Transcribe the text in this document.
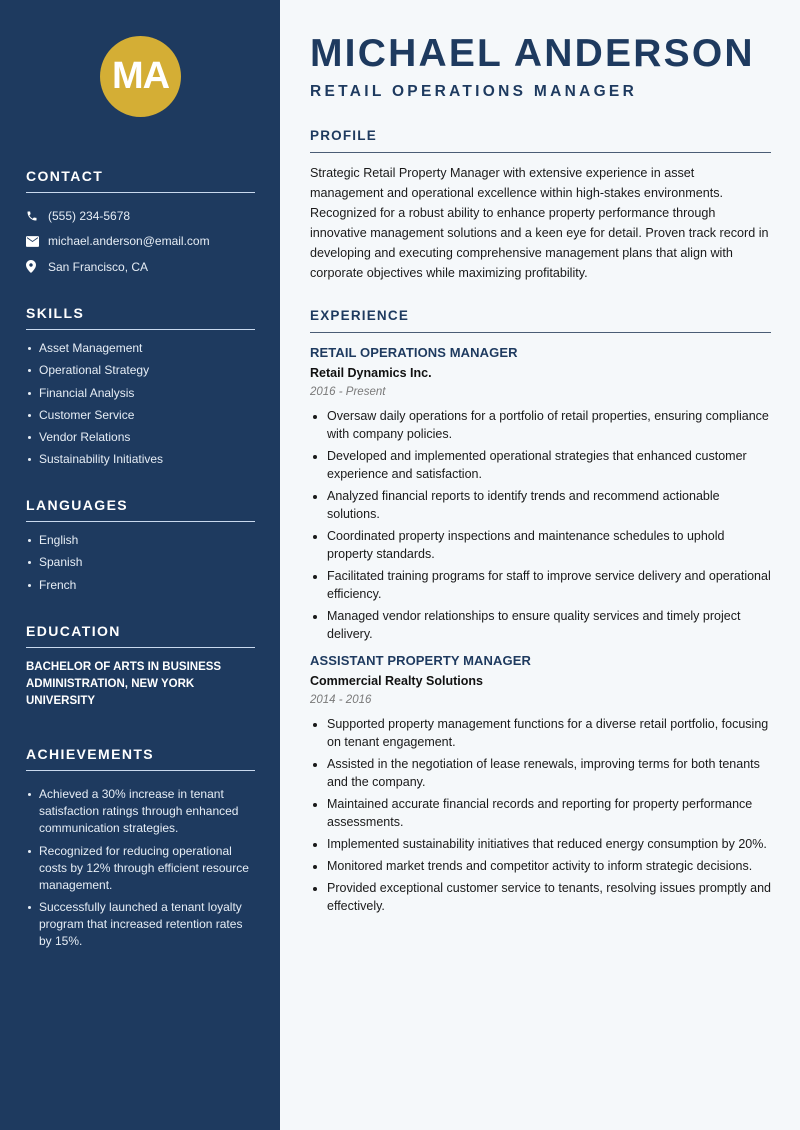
MA
CONTACT
(555) 234-5678
michael.anderson@email.com
San Francisco, CA
SKILLS
Asset Management
Operational Strategy
Financial Analysis
Customer Service
Vendor Relations
Sustainability Initiatives
LANGUAGES
English
Spanish
French
EDUCATION
BACHELOR OF ARTS IN BUSINESS ADMINISTRATION, NEW YORK UNIVERSITY
ACHIEVEMENTS
Achieved a 30% increase in tenant satisfaction ratings through enhanced communication strategies.
Recognized for reducing operational costs by 12% through efficient resource management.
Successfully launched a tenant loyalty program that increased retention rates by 15%.
MICHAEL ANDERSON
RETAIL OPERATIONS MANAGER
PROFILE

Strategic Retail Property Manager with extensive experience in asset management and operational excellence within high-stakes environments. Recognized for a robust ability to enhance property performance through innovative management solutions and a keen eye for detail. Proven track record in developing and executing comprehensive management plans that align with corporate objectives while maximizing profitability.

EXPERIENCE
RETAIL OPERATIONS MANAGER
Retail Dynamics Inc.
2016 - Present
Oversaw daily operations for a portfolio of retail properties, ensuring compliance with company policies.
Developed and implemented operational strategies that enhanced customer experience and satisfaction.
Analyzed financial reports to identify trends and recommend actionable solutions.
Coordinated property inspections and maintenance schedules to uphold property standards.
Facilitated training programs for staff to improve service delivery and operational efficiency.
Managed vendor relationships to ensure quality services and timely project delivery.
ASSISTANT PROPERTY MANAGER
Commercial Realty Solutions
2014 - 2016
Supported property management functions for a diverse retail portfolio, focusing on tenant engagement.
Assisted in the negotiation of lease renewals, improving terms for both tenants and the company.
Maintained accurate financial records and reporting for property performance assessments.
Implemented sustainability initiatives that reduced energy consumption by 20%.
Monitored market trends and competitor activity to inform strategic decisions.
Provided exceptional customer service to tenants, resolving issues promptly and effectively.
